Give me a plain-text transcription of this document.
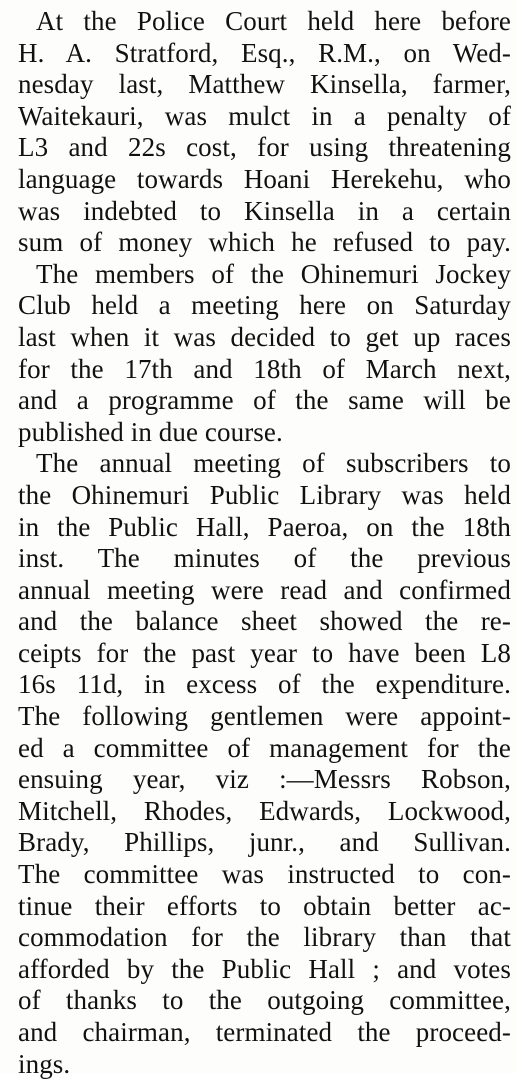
At the Police Court held here before
H. A. Stratford, Esq., R.M., on Wed-
nesday last, Matthew Kinsella, farmer,
Waitekauri, was mulct in a penalty of
L3 and 22s cost, for using threatening
language towards Hoani Herekehu, who
was indebted to Kinsella in a certain
sum of money which he refused to pay.
The members of the Ohinemuri Jockey
Club held a meeting here on Saturday
last when it was decided to get up races
for the 17th and 18th of March next,
and a programme of the same will be
published in due course.
The annual meeting of subscribers to
the Ohinemuri Public Library was held
in the Public Hall, Paeroa, on the 18th
inst. The minutes of the previous
annual meeting were read and confirmed
and the balance sheet showed the re-
ceipts for the past year to have been L8
16s 11d, in excess of the expenditure.
The following gentlemen were appoint-
ed a committee of management for the
ensuing year, viz :—Messrs Robson,
Mitchell, Rhodes, Edwards, Lockwood,
Brady, Phillips, junr., and Sullivan.
The committee was instructed to con-
tinue their efforts to obtain better ac-
commodation for the library than that
afforded by the Public Hall ; and votes
of thanks to the outgoing committee,
and chairman, terminated the proceed-
ings.
